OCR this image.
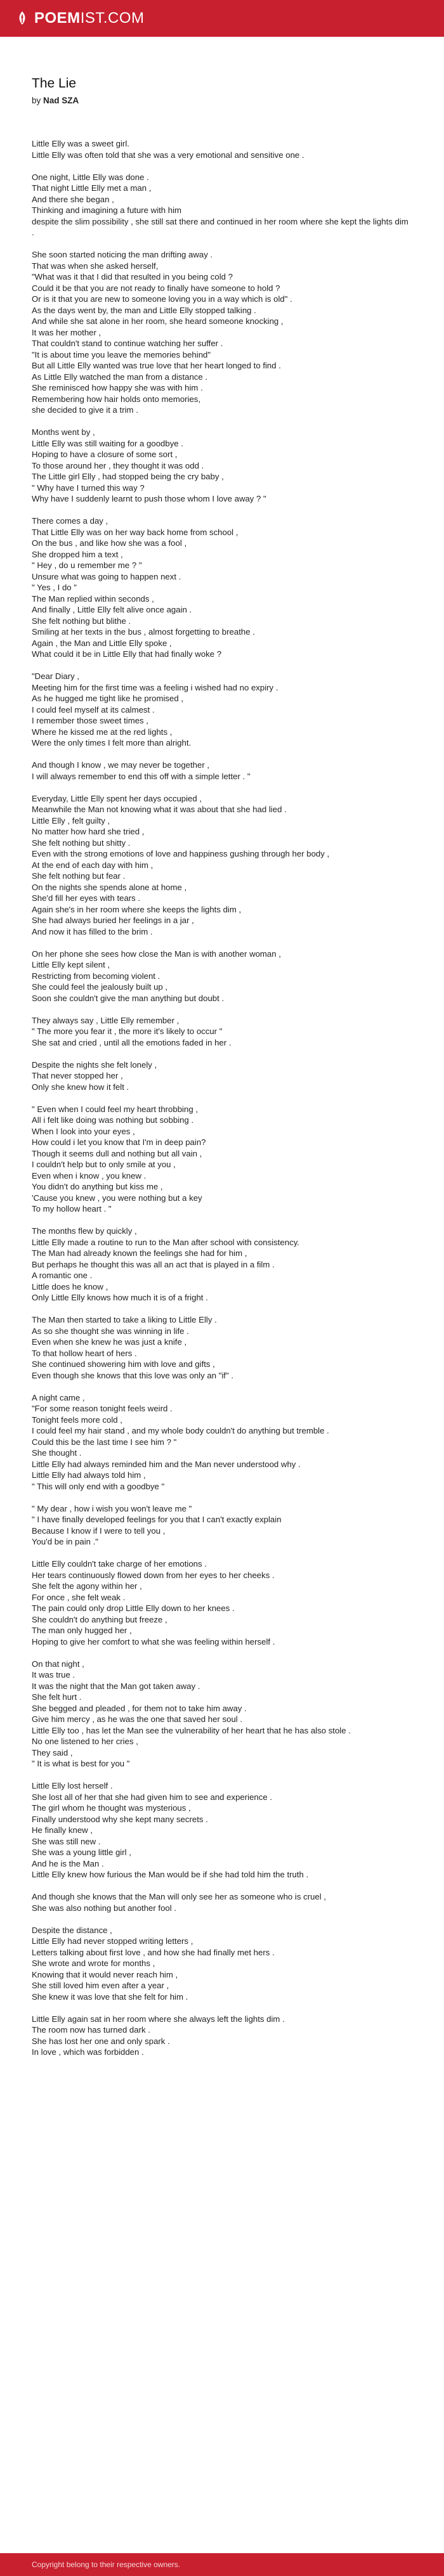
POEMIST.COM
The Lie
by Nad SZA
Little Elly was a sweet girl.
Little Elly was often told that she was a very emotional and sensitive one .
One night, Little Elly was done .
That night Little Elly met a man ,
And there she began ,
Thinking and imagining a future with him
despite the slim possibility , she still sat there and continued in her room where she kept the lights dim .
She soon started noticing the man drifting away .
That was when she asked herself,
"What was it that I did that resulted in you being cold ?
Could it be that you are not ready to finally have someone to hold ?
Or is it that you are new to someone loving you in a way which is old" .
As the days went by, the man and Little Elly stopped talking .
And while she sat alone in her room, she heard someone knocking ,
It was her mother ,
That couldn't stand to continue watching her suffer .
"It is about time you leave the memories behind"
But all Little Elly wanted was true love that her heart longed to find .
As Little Elly watched the man from a distance .
She reminisced how happy she was with him .
Remembering how hair holds onto memories,
she decided to give it a trim .
Months went by ,
Little Elly was still waiting for a goodbye .
Hoping to have a closure of some sort ,
To those around her , they thought it was odd .
The Little girl Elly , had stopped being the cry baby ,
" Why have I turned this way ?
Why have I suddenly learnt to push those whom I love away ? "
There comes a day ,
That Little Elly was on her way back home from school ,
On the bus , and like how she was a fool ,
She dropped him a text ,
" Hey , do u remember me ? "
Unsure what was going to happen next .
" Yes , I do "
The Man replied within seconds ,
And finally , Little Elly felt alive once again .
She felt nothing but blithe .
Smiling at her texts in the bus , almost forgetting to breathe .
Again , the Man and Little Elly spoke ,
What could it be in Little Elly that had finally woke ?
"Dear Diary ,
Meeting him for the first time was a feeling i wished had no expiry .
As he hugged me tight like he promised ,
I could feel myself at its calmest .
I remember those sweet times ,
Where he kissed me at the red lights ,
Were the only times I felt more than alright.
And though I know , we may never be together ,
I will always remember to end this off with a simple letter . "
Everyday, Little Elly spent her days occupied ,
Meanwhile the Man not knowing what it was about that she had lied .
Little Elly , felt guilty ,
No matter how hard she tried ,
She felt nothing but shitty .
Even with the strong emotions of love and happiness gushing through her body ,
At the end of each day with him ,
She felt nothing but fear .
On the nights she spends alone at home ,
She'd fill her eyes with tears .
Again she's in her room where she keeps the lights dim ,
She had always buried her feelings in a jar ,
And now it has filled to the brim .
On her phone she sees how close the Man is with another woman ,
Little Elly kept silent ,
Restricting from becoming violent .
She could feel the jealously built up ,
Soon she couldn't give the man anything but doubt .
They always say , Little Elly remember ,
" The more you fear it , the more it's likely to occur "
She sat and cried , until all the emotions faded in her .
Despite the nights she felt lonely ,
That never stopped her ,
Only she knew how it felt .
" Even when I could feel my heart throbbing ,
All i felt like doing was nothing but sobbing .
When I look into your eyes ,
How could i let you know that I'm in deep pain?
Though it seems dull and nothing but all vain ,
I couldn't help but to only smile at you ,
Even when i know , you knew .
You didn't do anything but kiss me ,
'Cause you knew , you were nothing but a key
To my hollow heart . "
The months flew by quickly ,
Little Elly made a routine to run to the Man after school with consistency.
The Man had already known the feelings she had for him ,
But perhaps he thought this was all an act that is played in a film .
A romantic one .
Little does he know ,
Only Little Elly knows how much it is of a fright .
The Man then started to take a liking to Little Elly .
As so she thought she was winning in life .
Even when she knew he was just a knife ,
To that hollow heart of hers .
She continued showering him with love and gifts ,
Even though she knows that this love was only an "if" .
A night came ,
"For some reason tonight feels weird .
Tonight feels more cold ,
I could feel my hair stand , and my whole body couldn't do anything but tremble .
Could this be the last time I see him ? "
She thought .
Little Elly had always reminded him and the Man never understood why .
Little Elly had always told him ,
" This will only end with a goodbye "
" My dear , how i wish you won't leave me "
" I have finally developed feelings for you that I can't exactly explain
Because I know if I were to tell you ,
You'd be in pain ."
Little Elly couldn't take charge of her emotions .
Her tears continuously flowed down from her eyes to her cheeks .
She felt the agony within her ,
For once , she felt weak .
The pain could only drop Little Elly down to her knees .
She couldn't do anything but freeze ,
The man only hugged her ,
Hoping to give her comfort to what she was feeling within herself .
On that night ,
It was true .
It was the night that the Man got taken away .
She felt hurt .
She begged and pleaded , for them not to take him away .
Give him mercy , as he was the one that saved her soul .
Little Elly too , has let the Man see the vulnerability of her heart that he has also stole .
No one listened to her cries ,
They said ,
" It is what is best for you "
Little Elly lost herself .
She lost all of her that she had given him to see and experience .
The girl whom he thought was mysterious ,
Finally understood why she kept many secrets .
He finally knew ,
She was still new .
She was a young little girl ,
And he is the Man .
Little Elly knew how furious the Man would be if she had told him the truth .
And though she knows that the Man will only see her as someone who is cruel ,
She was also nothing but another fool .
Despite the distance ,
Little Elly had never stopped writing letters ,
Letters talking about first love , and how she had finally met hers .
She wrote and wrote for months ,
Knowing that it would never reach him ,
She still loved him even after a year ,
She knew it was love that she felt for him .
Little Elly again sat in her room where she always left the lights dim .
The room now has turned dark .
She has lost her one and only spark .
In love , which was forbidden .
Copyright belong to their respective owners.
